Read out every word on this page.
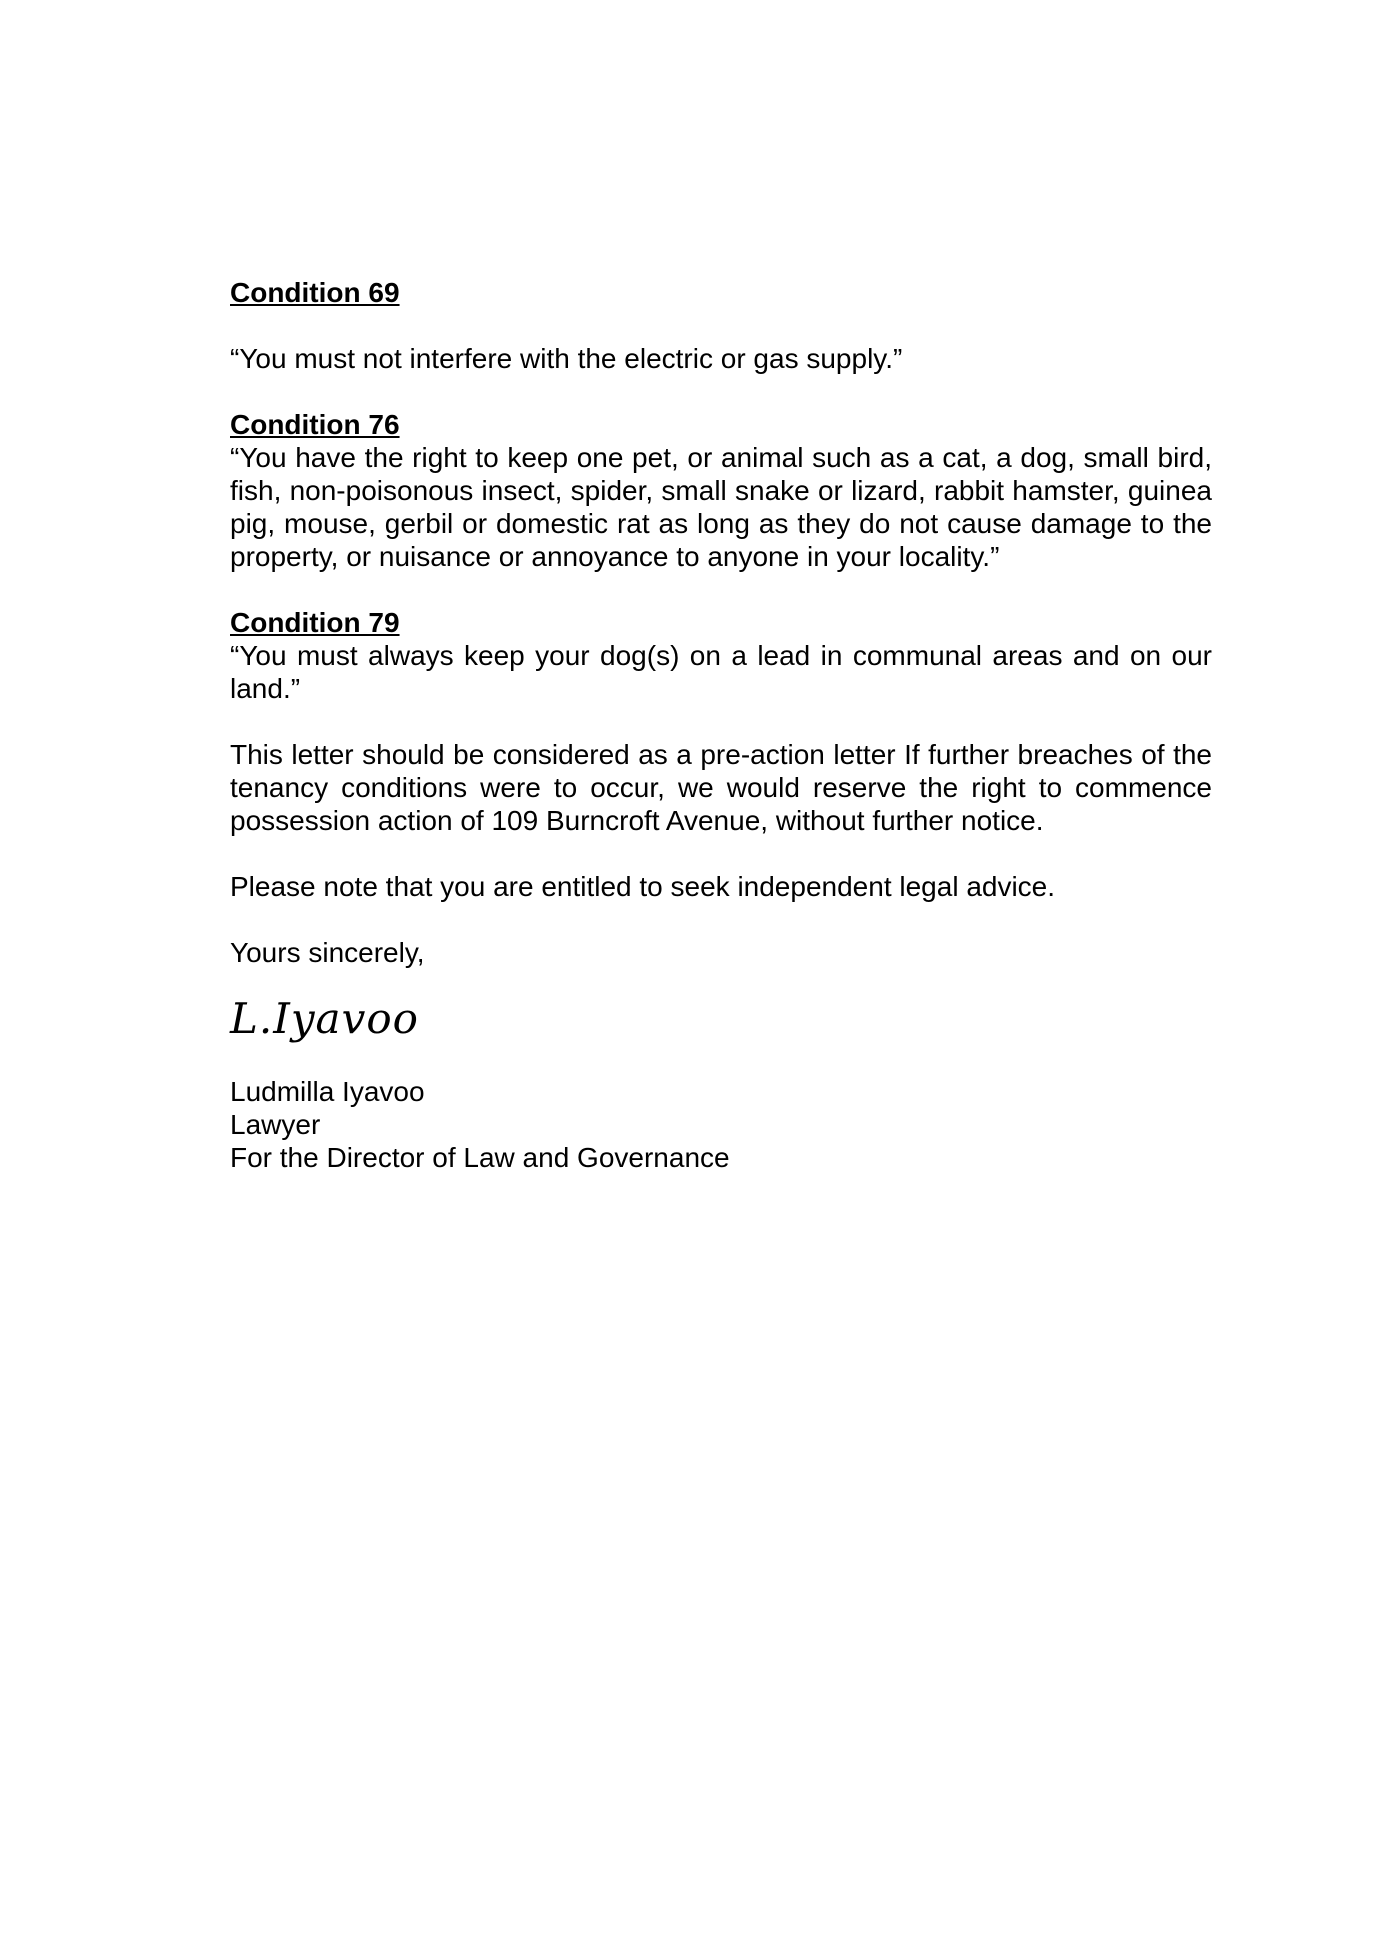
Condition 69

“You must not interfere with the electric or gas supply.”

Condition 76

“You have the right to keep one pet, or animal such as a cat, a dog, small bird, fish, non-poisonous insect, spider, small snake or lizard, rabbit hamster, guinea pig, mouse, gerbil or domestic rat as long as they do not cause damage to the property, or nuisance or annoyance to anyone in your locality.”

Condition 79

“You must always keep your dog(s) on a lead in communal areas and on our land.”

This letter should be considered as a pre-action letter If further breaches of the tenancy conditions were to occur, we would reserve the right to commence possession action of 109 Burncroft Avenue, without further notice.

Please note that you are entitled to seek independent legal advice.

Yours sincerely,

L.Iyavoo

Ludmilla Iyavoo

Lawyer

For the Director of Law and Governance
